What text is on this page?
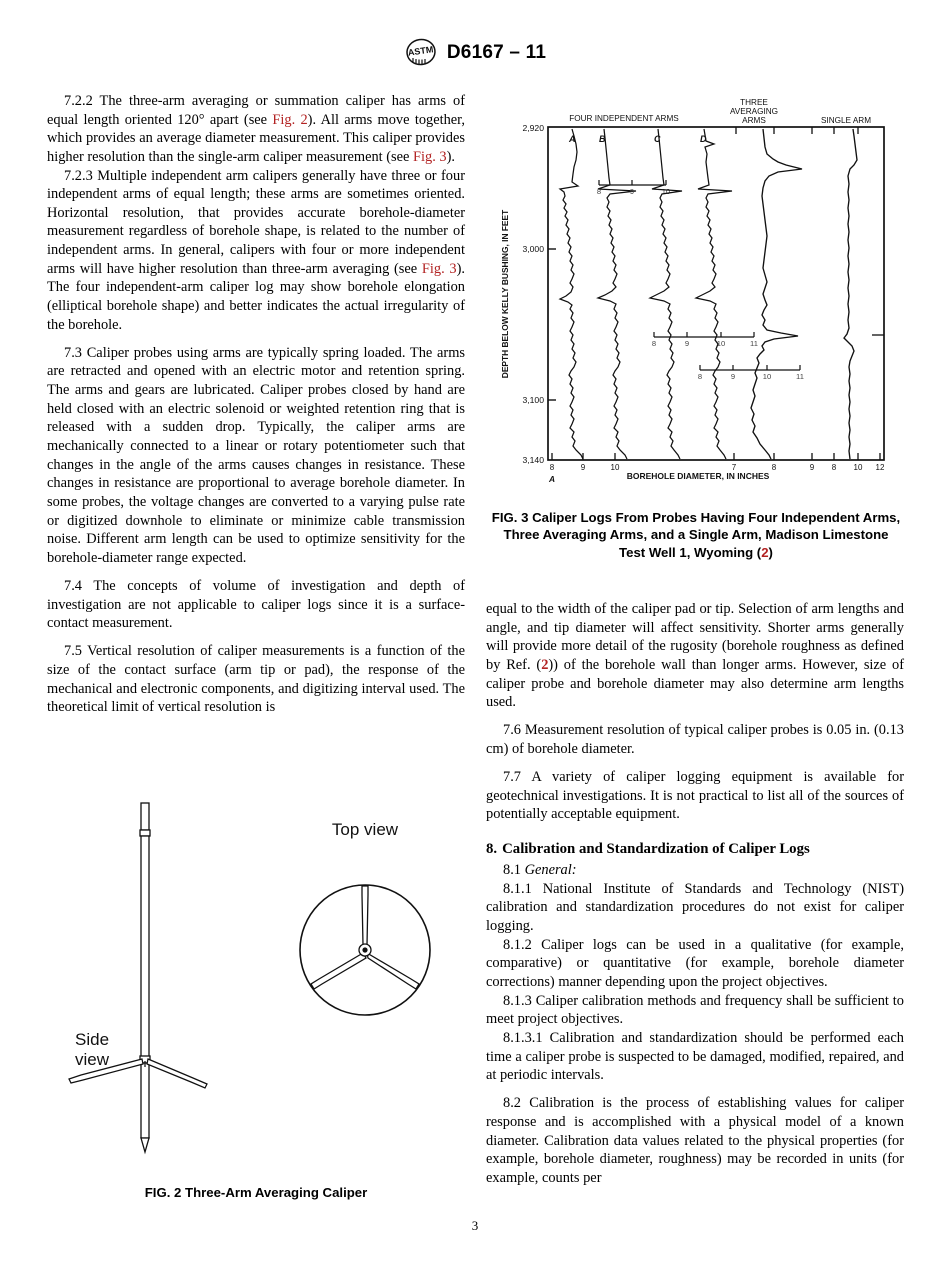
ASTM D6167 – 11

7.2.2 The three-arm averaging or summation caliper has arms of equal length oriented 120° apart (see Fig. 2). All arms move together, which provides an average diameter measurement. This caliper provides higher resolution than the single-arm caliper measurement (see Fig. 3).

7.2.3 Multiple independent arm calipers generally have three or four independent arms of equal length; these arms are sometimes oriented. Horizontal resolution, that provides accurate borehole-diameter measurement regardless of borehole shape, is related to the number of independent arms. In general, calipers with four or more independent arms will have higher resolution than three-arm averaging (see Fig. 3). The four independent-arm caliper log may show borehole elongation (elliptical borehole shape) and better indicates the actual irregularity of the borehole.

7.3 Caliper probes using arms are typically spring loaded. The arms are retracted and opened with an electric motor and retention spring. The arms and gears are lubricated. Caliper probes closed by hand are held closed with an electric solenoid or weighted retention ring that is released with a sudden drop. Typically, the caliper arms are mechanically connected to a linear or rotary potentiometer such that changes in the angle of the arms causes changes in resistance. These changes in resistance are proportional to average borehole diameter. In some probes, the voltage changes are converted to a varying pulse rate or digitized downhole to eliminate or minimize cable transmission noise. Different arm length can be used to optimize sensitivity for the borehole-diameter range expected.

7.4 The concepts of volume of investigation and depth of investigation are not applicable to caliper logs since it is a surface-contact measurement.

7.5 Vertical resolution of caliper measurements is a function of the size of the contact surface (arm tip or pad), the response of the mechanical and electronic components, and digitizing interval used. The theoretical limit of vertical resolution is

equal to the width of the caliper pad or tip. Selection of arm lengths and angle, and tip diameter will affect sensitivity. Shorter arms generally will provide more detail of the rugosity (borehole roughness as defined by Ref. (2)) of the borehole wall than longer arms. However, size of caliper probe and borehole diameter may also determine arm lengths used.

7.6 Measurement resolution of typical caliper probes is 0.05 in. (0.13 cm) of borehole diameter.

7.7 A variety of caliper logging equipment is available for geotechnical investigations. It is not practical to list all of the sources of potentially acceptable equipment.

8. Calibration and Standardization of Caliper Logs

8.1 General:

8.1.1 National Institute of Standards and Technology (NIST) calibration and standardization procedures do not exist for caliper logging.

8.1.2 Caliper logs can be used in a qualitative (for example, comparative) or quantitative (for example, borehole diameter corrections) manner depending upon the project objectives.

8.1.3 Caliper calibration methods and frequency shall be sufficient to meet project objectives.

8.1.3.1 Calibration and standardization should be performed each time a caliper probe is suspected to be damaged, modified, repaired, and at periodic intervals.

8.2 Calibration is the process of establishing values for caliper response and is accomplished with a physical model of a known diameter. Calibration data values related to the physical properties (for example, borehole diameter, roughness) may be recorded in units (for example, counts per

FOUR INDEPENDENT ARMS
THREE
AVERAGING
ARMS	SINGLE ARM
DEPTH BELOW KELLY BUSHING, IN FEET
2,920
3,000
3,100
3,140
A	B
8	9	10
C
8	9	10	11
D
8	9	10	11
8	9	10	7	8	9 8 10 12
A	BOREHOLE DIAMETER, IN INCHES
FIG. 3 Caliper Logs From Probes Having Four Independent Arms,
Three Averaging Arms, and a Single Arm, Madison Limestone
Test Well 1, Wyoming (2)
Side
view
Top view
FIG. 2 Three-Arm Averaging Caliper
3
